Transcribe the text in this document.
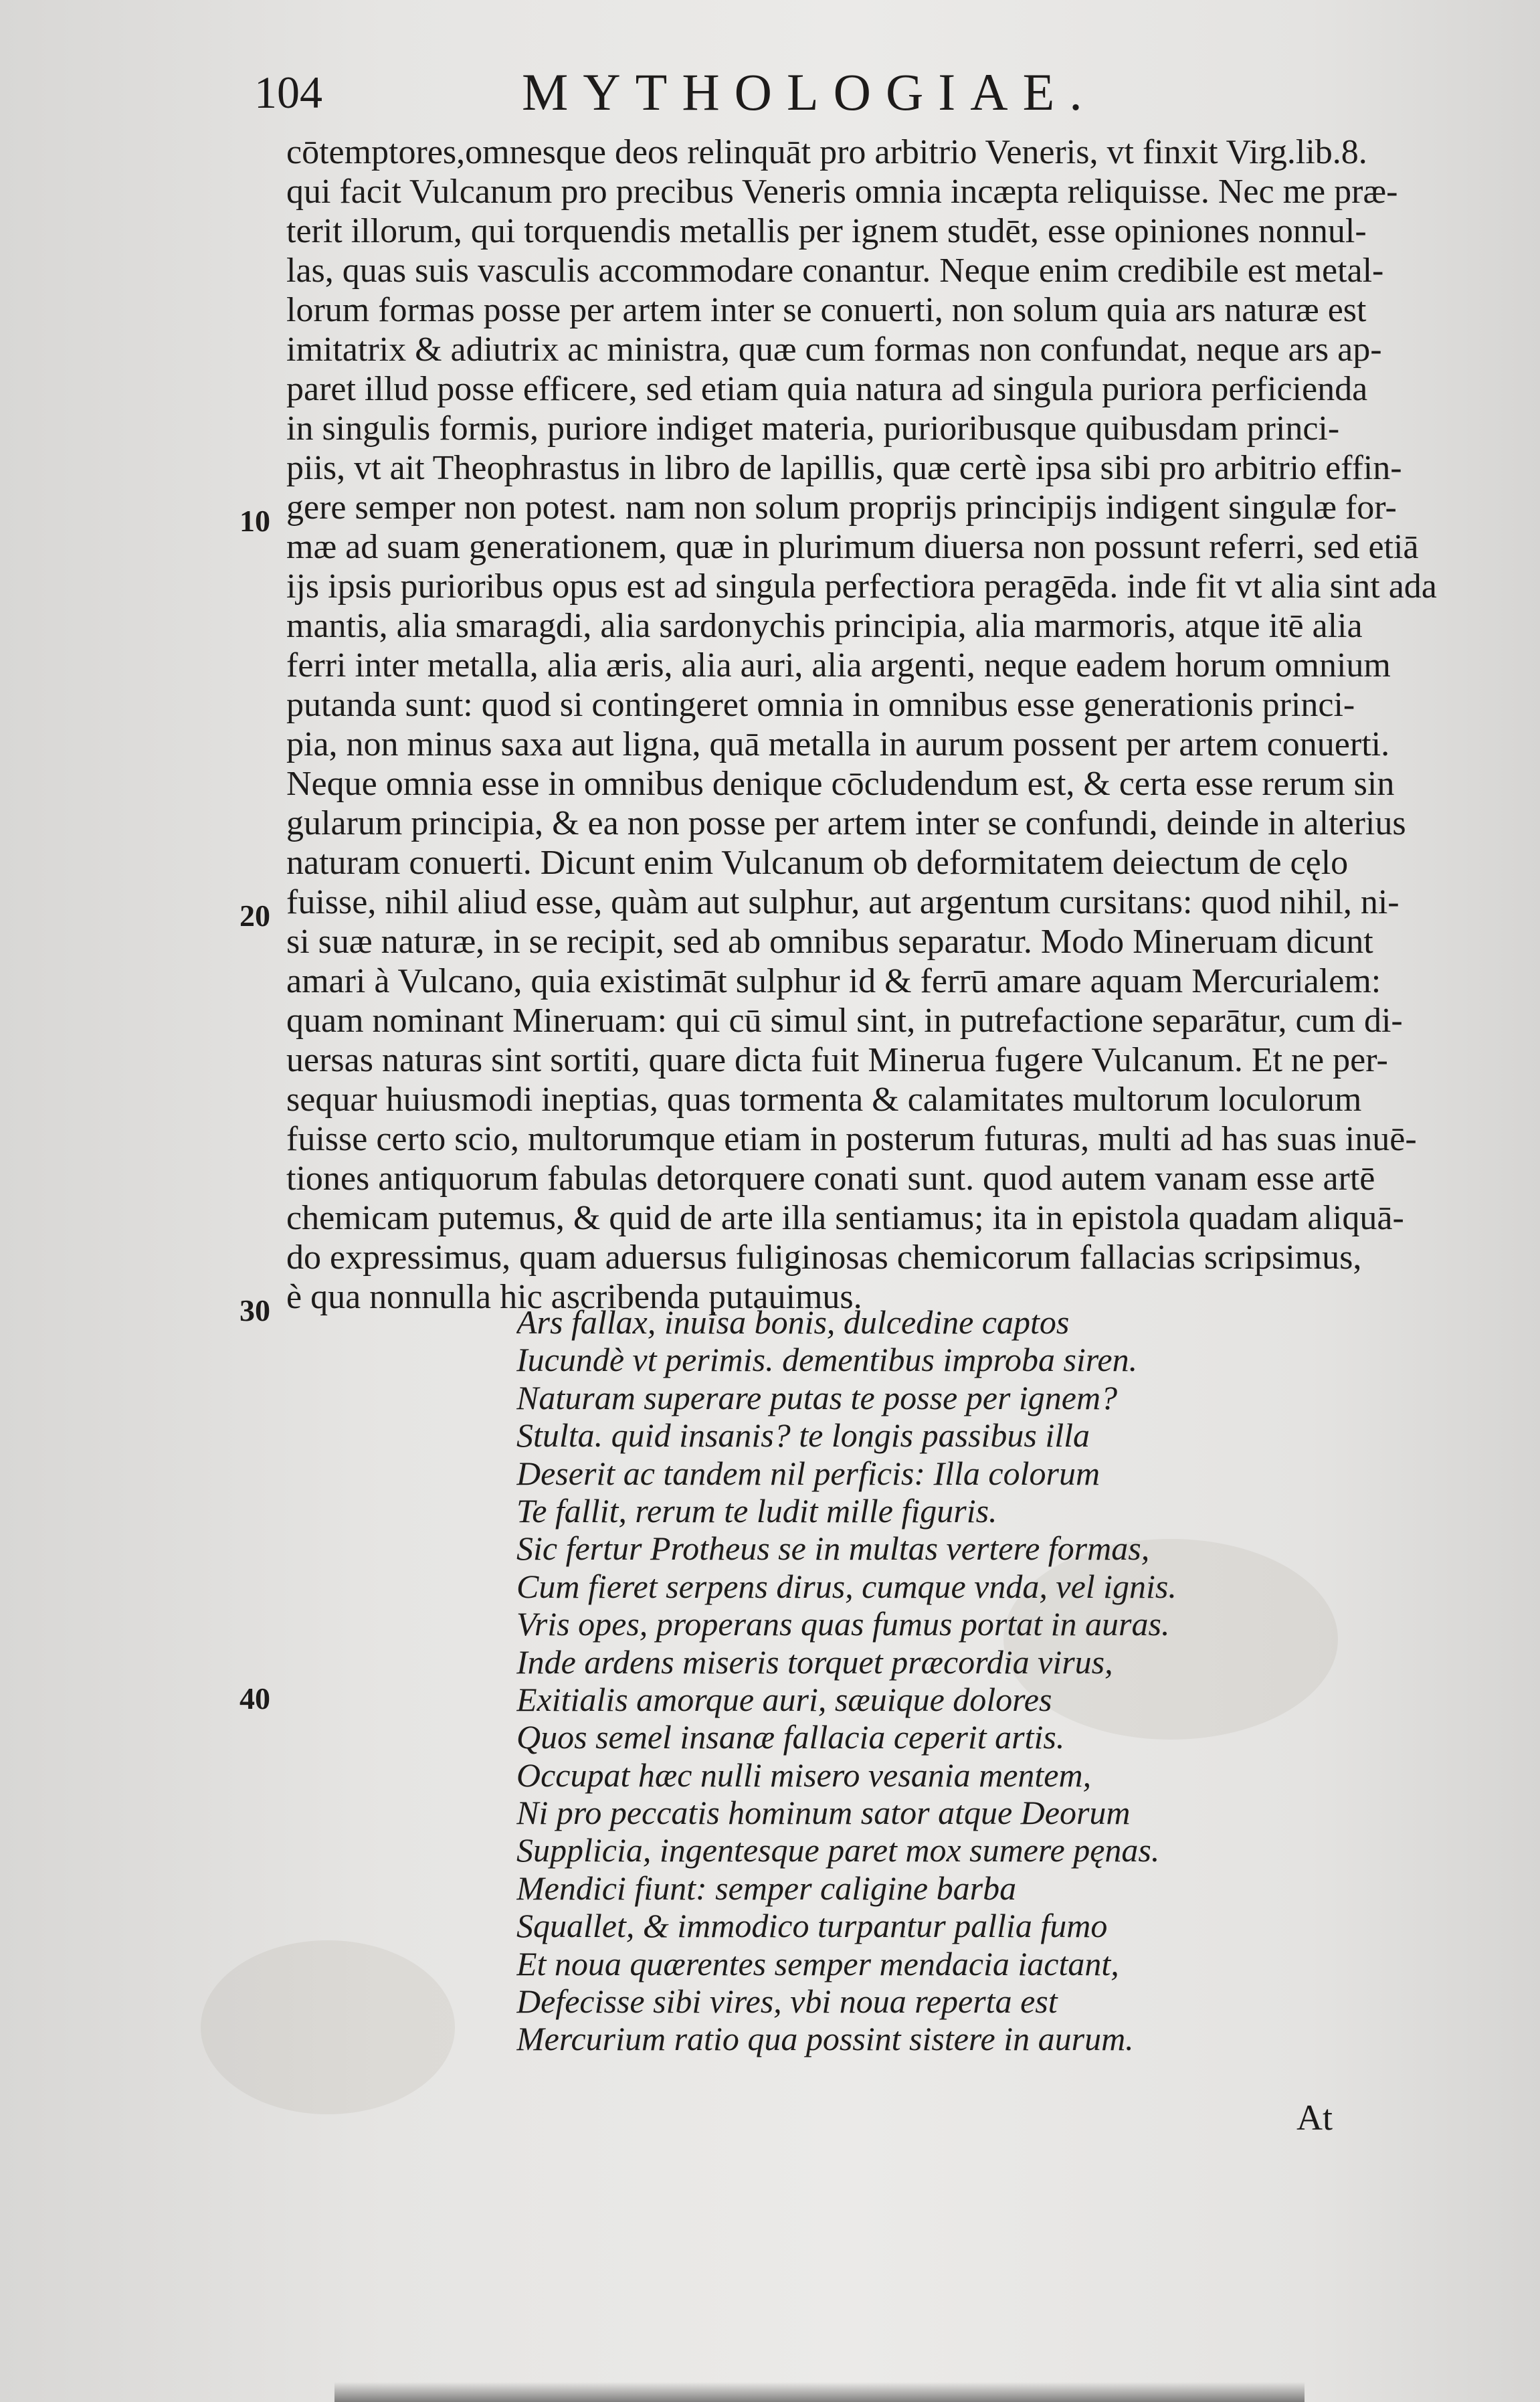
104	MYTHOLOGIAE.
10
20
30
40
cōtemptores,omnesque deos relinquāt pro arbitrio Veneris, vt finxit Virg.lib.8.
qui facit Vulcanum pro precibus Veneris omnia incæpta reliquisse. Nec me præ-
terit illorum, qui torquendis metallis per ignem studēt, esse opiniones nonnul-
las, quas suis vasculis accommodare conantur. Neque enim credibile est metal-
lorum formas posse per artem inter se conuerti, non solum quia ars naturæ est
imitatrix & adiutrix ac ministra, quæ cum formas non confundat, neque ars ap-
paret illud posse efficere, sed etiam quia natura ad singula puriora perficienda
in singulis formis, puriore indiget materia, purioribusque quibusdam princi-
piis, vt ait Theophrastus in libro de lapillis, quæ certè ipsa sibi pro arbitrio effin-
gere semper non potest. nam non solum proprijs principijs indigent singulæ for-
mæ ad suam generationem, quæ in plurimum diuersa non possunt referri, sed etiā
ijs ipsis purioribus opus est ad singula perfectiora peragēda. inde fit vt alia sint ada
mantis, alia smaragdi, alia sardonychis principia, alia marmoris, atque itē alia
ferri inter metalla, alia æris, alia auri, alia argenti, neque eadem horum omnium
putanda sunt: quod si contingeret omnia in omnibus esse generationis princi-
pia, non minus saxa aut ligna, quā metalla in aurum possent per artem conuerti.
Neque omnia esse in omnibus denique cōcludendum est, & certa esse rerum sin
gularum principia, & ea non posse per artem inter se confundi, deinde in alterius
naturam conuerti. Dicunt enim Vulcanum ob deformitatem deiectum de cęlo
fuisse, nihil aliud esse, quàm aut sulphur, aut argentum cursitans: quod nihil, ni-
si suæ naturæ, in se recipit, sed ab omnibus separatur. Modo Mineruam dicunt
amari à Vulcano, quia existimāt sulphur id & ferrū amare aquam Mercurialem:
quam nominant Mineruam: qui cū simul sint, in putrefactione separātur, cum di-
uersas naturas sint sortiti, quare dicta fuit Minerua fugere Vulcanum. Et ne per-
sequar huiusmodi ineptias, quas tormenta & calamitates multorum loculorum
fuisse certo scio, multorumque etiam in posterum futuras, multi ad has suas inuē-
tiones antiquorum fabulas detorquere conati sunt. quod autem vanam esse artē
chemicam putemus, & quid de arte illa sentiamus; ita in epistola quadam aliquā-
do expressimus, quam aduersus fuliginosas chemicorum fallacias scripsimus,
è qua nonnulla hic ascribenda putauimus.
Ars fallax, inuisa bonis, dulcedine captos
Iucundè vt perimis. dementibus improba siren.
Naturam superare putas te posse per ignem?
Stulta. quid insanis? te longis passibus illa
Deserit ac tandem nil perficis: Illa colorum
Te fallit, rerum te ludit mille figuris.
Sic fertur Protheus se in multas vertere formas,
Cum fieret serpens dirus, cumque vnda, vel ignis.
Vris opes, properans quas fumus portat in auras.
Inde ardens miseris torquet præcordia virus,
Exitialis amorque auri, sæuique dolores
Quos semel insanæ fallacia ceperit artis.
Occupat hæc nulli misero vesania mentem,
Ni pro peccatis hominum sator atque Deorum
Supplicia, ingentesque paret mox sumere pęnas.
Mendici fiunt: semper caligine barba
Squallet, & immodico turpantur pallia fumo
Et noua quærentes semper mendacia iactant,
Defecisse sibi vires, vbi noua reperta est
Mercurium ratio qua possint sistere in aurum.
At
